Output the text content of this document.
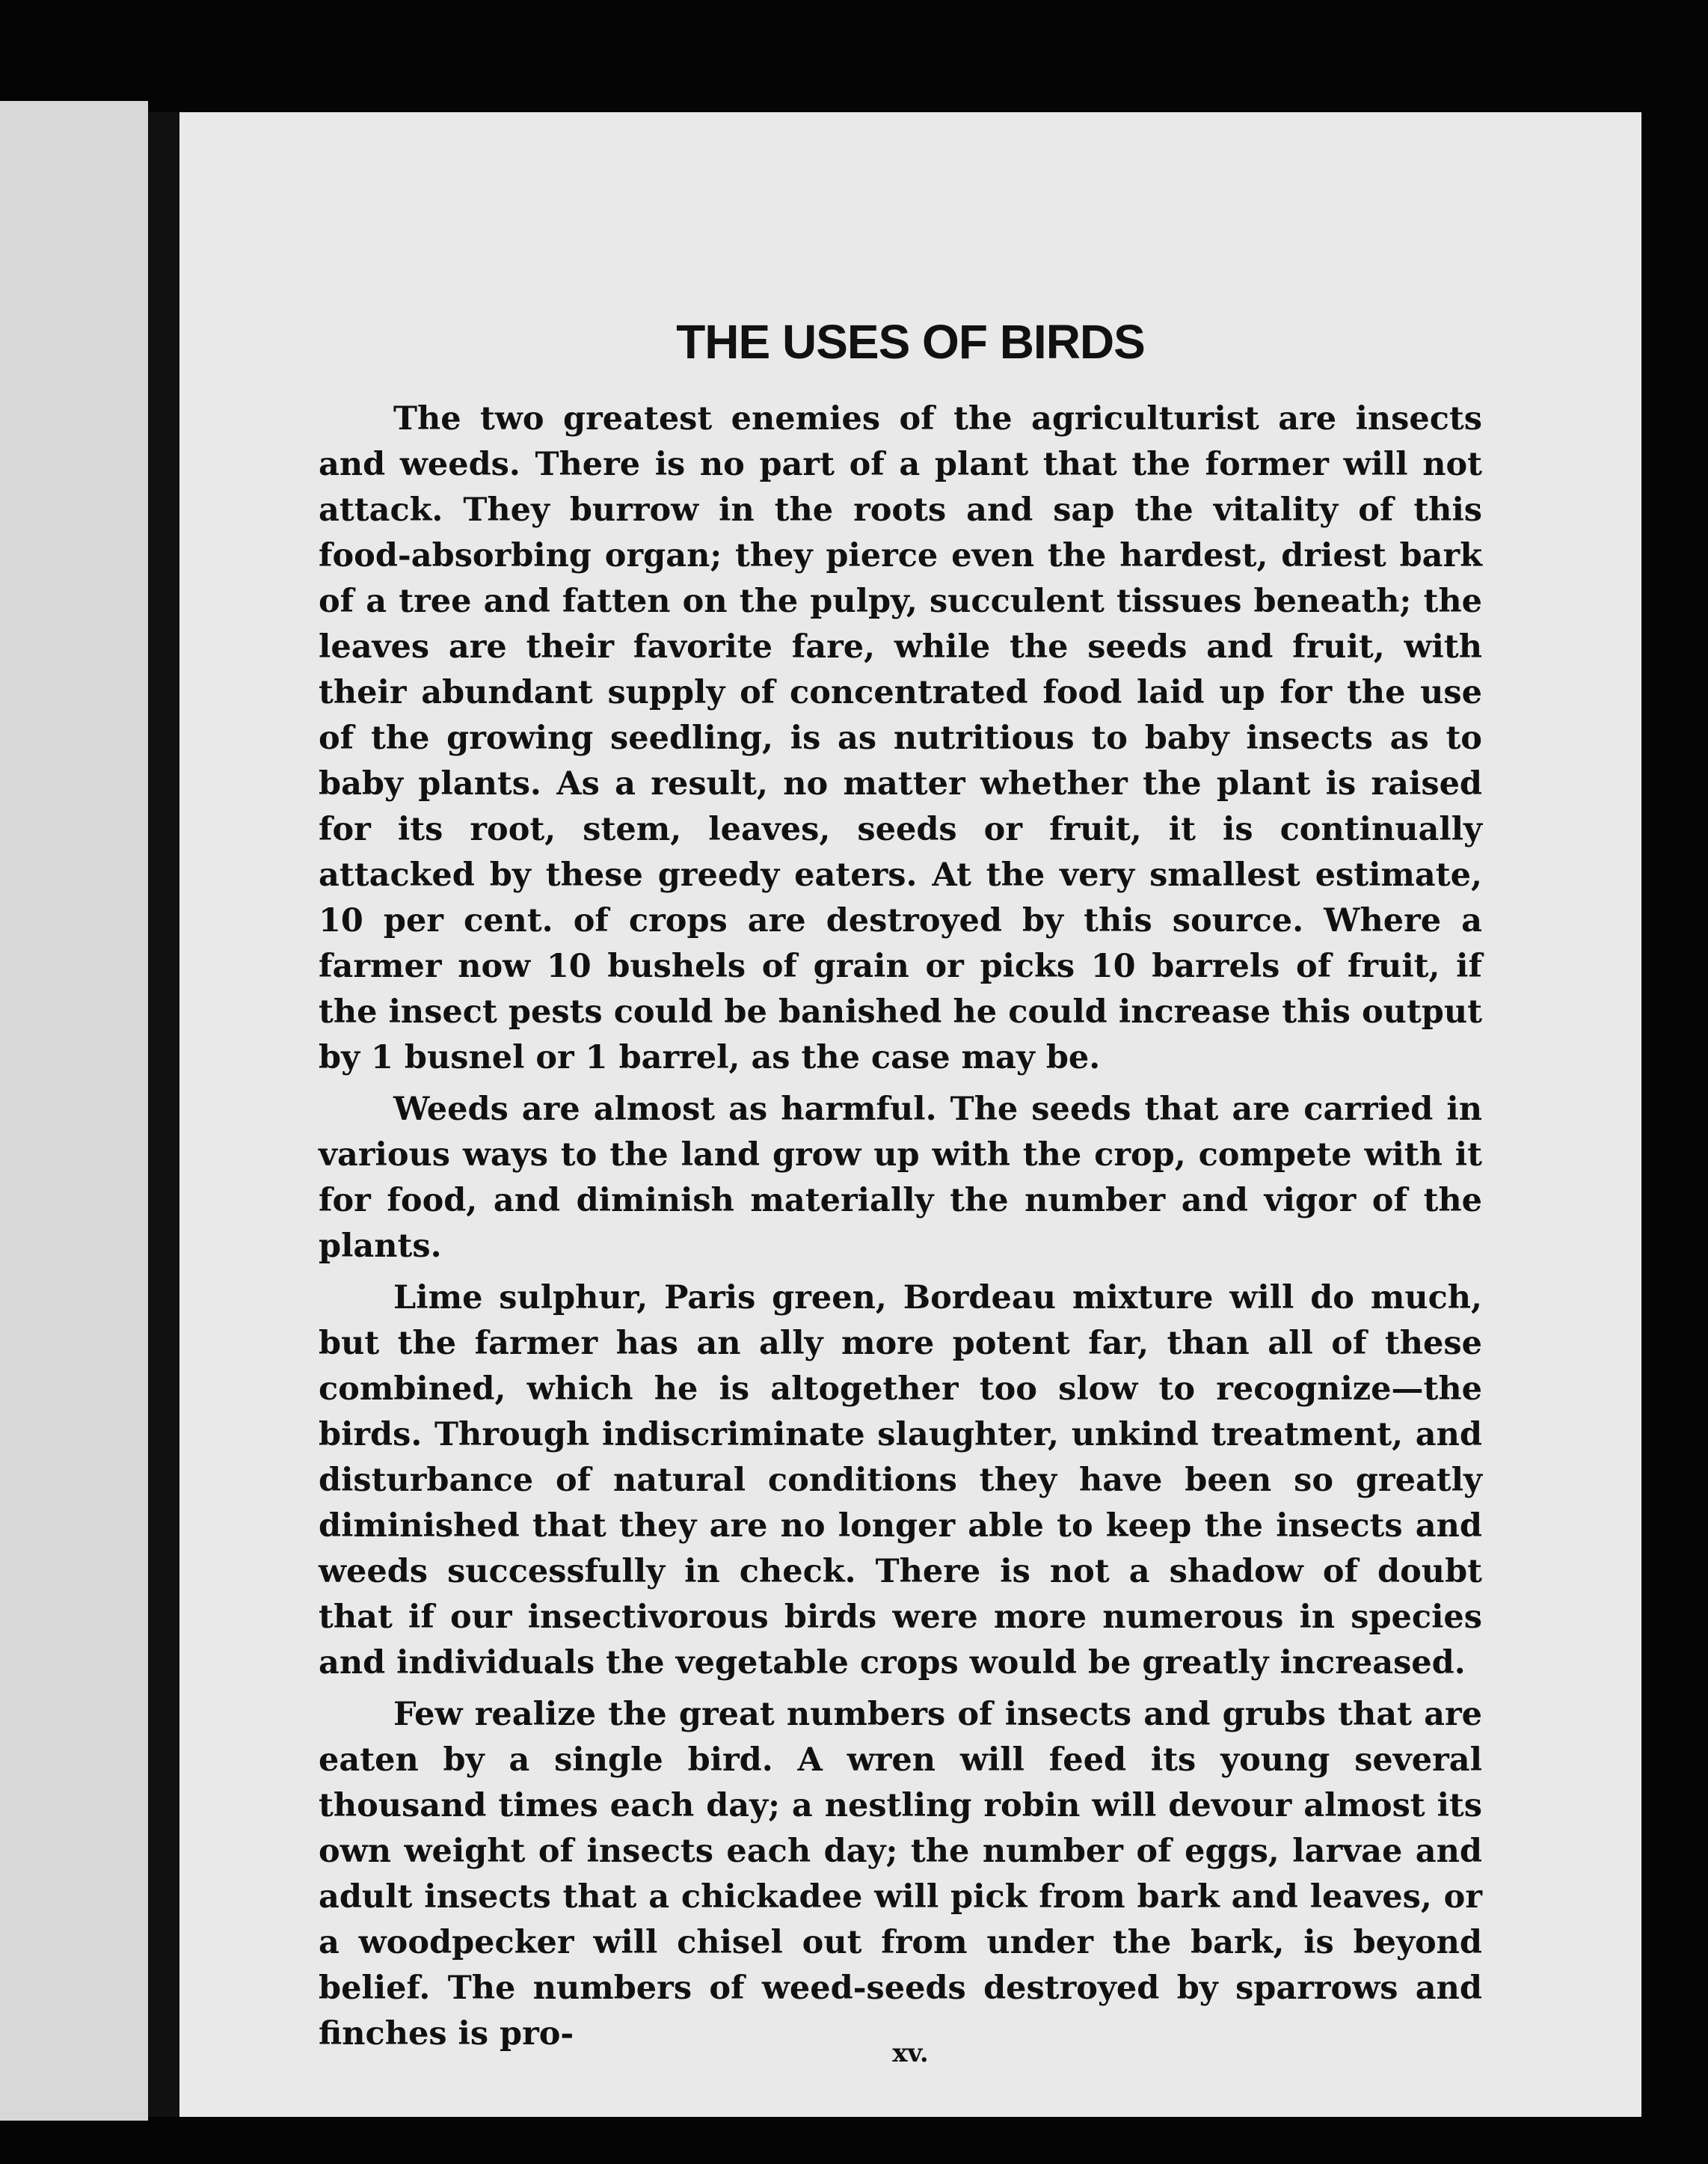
THE USES OF BIRDS

The two greatest enemies of the agriculturist are insects and weeds. There is no part of a plant that the former will not attack. They burrow in the roots and sap the vitality of this food-absorbing organ; they pierce even the hardest, driest bark of a tree and fatten on the pulpy, succulent tissues beneath; the leaves are their favorite fare, while the seeds and fruit, with their abundant supply of concentrated food laid up for the use of the growing seedling, is as nutritious to baby insects as to baby plants. As a result, no matter whether the plant is raised for its root, stem, leaves, seeds or fruit, it is continually attacked by these greedy eaters. At the very smallest estimate, 10 per cent. of crops are destroyed by this source. Where a farmer now 10 bushels of grain or picks 10 barrels of fruit, if the insect pests could be banished he could increase this output by 1 busnel or 1 barrel, as the case may be.

Weeds are almost as harmful. The seeds that are carried in various ways to the land grow up with the crop, compete with it for food, and diminish materially the number and vigor of the plants.

Lime sulphur, Paris green, Bordeau mixture will do much, but the farmer has an ally more potent far, than all of these combined, which he is altogether too slow to recognize—the birds. Through indiscriminate slaughter, unkind treatment, and disturbance of natural conditions they have been so greatly diminished that they are no longer able to keep the insects and weeds successfully in check. There is not a shadow of doubt that if our insectivorous birds were more numerous in species and individuals the vegetable crops would be greatly increased.

Few realize the great numbers of insects and grubs that are eaten by a single bird. A wren will feed its young several thousand times each day; a nestling robin will devour almost its own weight of insects each day; the number of eggs, larvae and adult insects that a chickadee will pick from bark and leaves, or a woodpecker will chisel out from under the bark, is beyond belief. The numbers of weed-seeds destroyed by sparrows and finches is pro-

xv.
